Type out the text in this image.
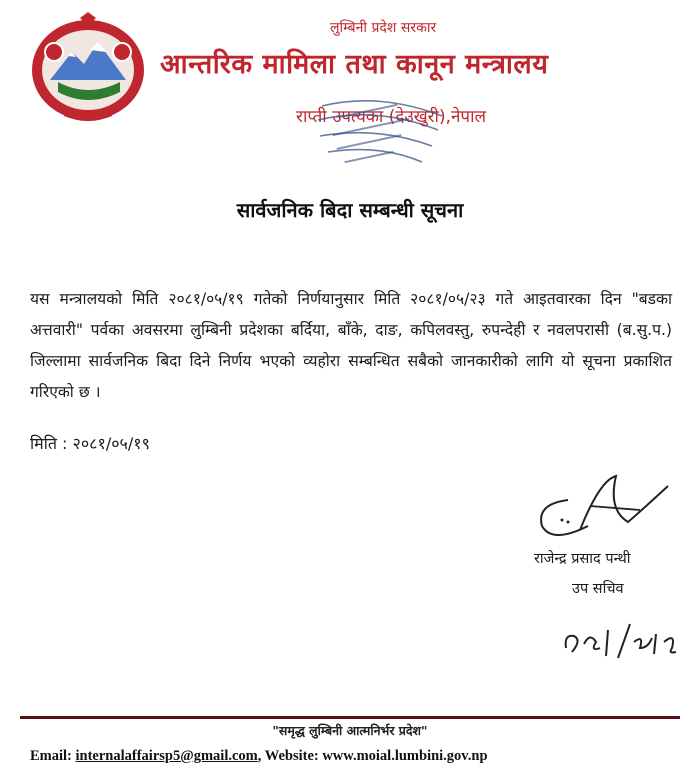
लुम्बिनी प्रदेश सरकार
आन्तरिक मामिला तथा कानून मन्त्रालय
राप्ती उपत्यका (देउखुरी),नेपाल
सार्वजनिक बिदा सम्बन्धी सूचना
यस मन्त्रालयको मिति २०८१/०५/१९ गतेको निर्णयानुसार मिति २०८१/०५/२३ गते आइतवारका दिन "बडका अत्तवारी" पर्वका अवसरमा लुम्बिनी प्रदेशका बर्दिया, बाँके, दाङ, कपिलवस्तु, रुपन्देही र नवलपरासी (ब.सु.प.) जिल्लामा सार्वजनिक बिदा दिने निर्णय भएको व्यहोरा सम्बन्धित सबैको जानकारीको लागि यो सूचना प्रकाशित गरिएको छ ।
मिति : २०८१/०५/१९
राजेन्द्र प्रसाद पन्थी
उप सचिव
"समृद्ध लुम्बिनी आत्मनिर्भर प्रदेश"
Email: internalaffairsp5@gmail.com, Website: www.moial.lumbini.gov.np
